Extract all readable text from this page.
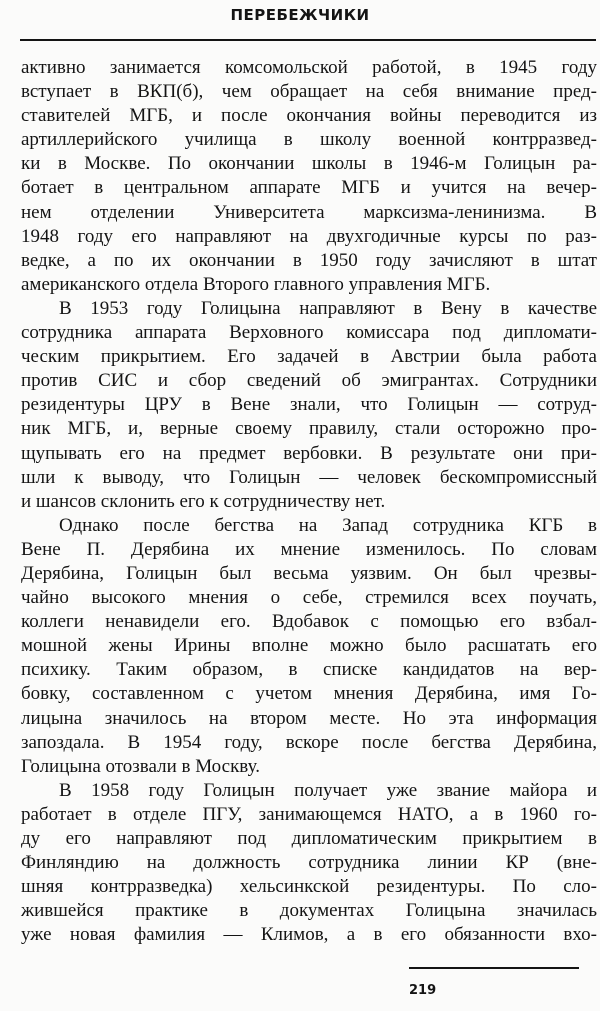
ПЕРЕБЕЖЧИКИ
активно занимается комсомольской работой, в 1945 году
вступает в ВКП(б), чем обращает на себя внимание пред-
ставителей МГБ, и после окончания войны переводится из
артиллерийского училища в школу военной контрразвед-
ки в Москве. По окончании школы в 1946-м Голицын ра-
ботает в центральном аппарате МГБ и учится на вечер-
нем отделении Университета марксизма-ленинизма. В
1948 году его направляют на двухгодичные курсы по раз-
ведке, а по их окончании в 1950 году зачисляют в штат
американского отдела Второго главного управления МГБ.
В 1953 году Голицына направляют в Вену в качестве
сотрудника аппарата Верховного комиссара под дипломати-
ческим прикрытием. Его задачей в Австрии была работа
против СИС и сбор сведений об эмигрантах. Сотрудники
резидентуры ЦРУ в Вене знали, что Голицын — сотруд-
ник МГБ, и, верные своему правилу, стали осторожно про-
щупывать его на предмет вербовки. В результате они при-
шли к выводу, что Голицын — человек бескомпромиссный
и шансов склонить его к сотрудничеству нет.
Однако после бегства на Запад сотрудника КГБ в
Вене П. Дерябина их мнение изменилось. По словам
Дерябина, Голицын был весьма уязвим. Он был чрезвы-
чайно высокого мнения о себе, стремился всех поучать,
коллеги ненавидели его. Вдобавок с помощью его взбал-
мошной жены Ирины вполне можно было расшатать его
психику. Таким образом, в списке кандидатов на вер-
бовку, составленном с учетом мнения Дерябина, имя Го-
лицына значилось на втором месте. Но эта информация
запоздала. В 1954 году, вскоре после бегства Дерябина,
Голицына отозвали в Москву.
В 1958 году Голицын получает уже звание майора и
работает в отделе ПГУ, занимающемся НАТО, а в 1960 го-
ду его направляют под дипломатическим прикрытием в
Финляндию на должность сотрудника линии КР (вне-
шняя контрразведка) хельсинкской резидентуры. По сло-
жившейся практике в документах Голицына значилась
уже новая фамилия — Климов, а в его обязанности вхо-
219
